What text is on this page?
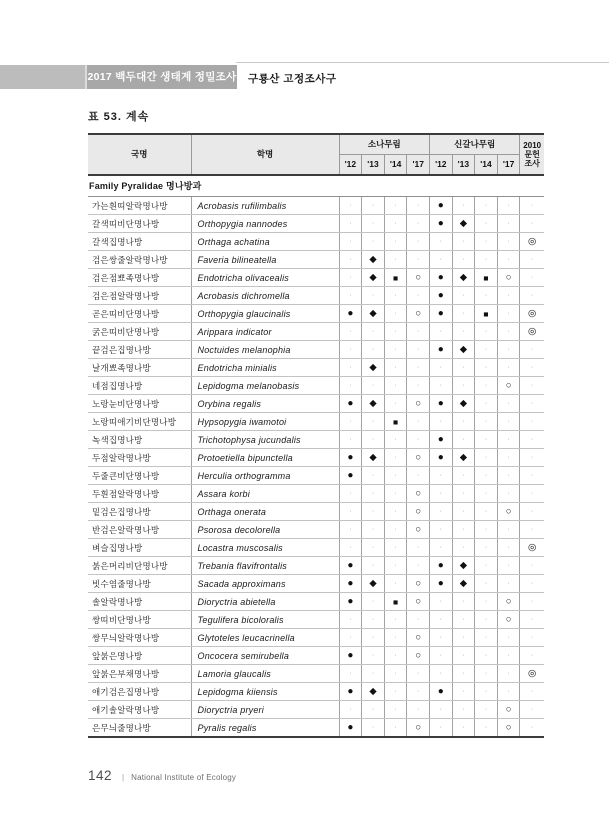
2017 백두대간 생태계 정밀조사 구룡산 고정조사구
표 53. 계속
국명	학명	소나무림				신갈나무림				2010 문헌 조사
		'12	'13	'14	'17	'12	'13	'14	'17	
Family Pyralidae 명나방과										
가는흰띠알락명나방	Acrobasis rufilimbalis	·	·	·	·	●	·	·	·	·
갈색띠비단명나방	Orthopygia nannodes	·	·	·	·	●	◆	·	·	·
갈색집명나방	Orthaga achatina	·	·	·	·	·	·	·	·	◎
검은쌍줄알락명나방	Faveria bilineatella	·	◆	·	·	·	·	·	·	·
검은점뾰족명나방	Endotricha olivacealis	·	◆	■	○	●	◆	■	○	·
검은점알락명나방	Acrobasis dichromella	·	·	·	·	●	·	·	·	·
곧은띠비단명나방	Orthopygia glaucinalis	●	◆	·	○	●	·	■	·	◎
굵은띠비단명나방	Arippara indicator	·	·	·	·	·	·	·	·	◎
끝검은집명나방	Noctuides melanophia	·	·	·	·	●	◆	·	·	·
날개뾰족명나방	Endotricha minialis	·	◆	·	·	·	·	·	·	·
네점집명나방	Lepidogma melanobasis	·	·	·	·	·	·	·	○	·
노랑눈비단명나방	Orybina regalis	●	◆	·	○	●	◆	·	·	·
노랑띠애기비단명나방	Hypsopygia iwamotoi	·	·	■	·	·	·	·	·	·
녹색집명나방	Trichotophysa jucundalis	·	·	·	·	●	·	·	·	·
두점알락명나방	Protoetiella bipunctella	●	◆	·	○	●	◆	·	·	·
두줄큰비단명나방	Herculia orthogramma	●	·	·	·	·	·	·	·	·
두흰점알락명나방	Assara korbi	·	·	·	○	·	·	·	·	·
밑검은집명나방	Orthaga onerata	·	·	·	○	·	·	·	○	·
반검은알락명나방	Psorosa decolorella	·	·	·	○	·	·	·	·	·
벼슬집명나방	Locastra muscosalis	·	·	·	·	·	·	·	·	◎
붉은머리비단명나방	Trebania flavifrontalis	●	·	·	·	●	◆	·	·	·
빗수염줄명나방	Sacada approximans	●	◆	·	○	●	◆	·	·	·
솔알락명나방	Dioryctria abietella	●	·	■	○	·	·	·	○	·
쌍띠비단명나방	Tegulifera bicoloralis	·	·	·	·	·	·	·	○	·
쌍무늬알락명나방	Glytoteles leucacrinella	·	·	·	○	·	·	·	·	·
앞붉은명나방	Oncocera semirubella	●	·	·	○	·	·	·	·	·
앞붉은부채명나방	Lamoria glaucalis	·	·	·	·	·	·	·	·	◎
애기검은집명나방	Lepidogma kiiensis	●	◆	·	·	●	·	·	·	·
애기솔알락명나방	Dioryctria pryeri	·	·	·	·	·	·	·	○	·
은무늬줄명나방	Pyralis regalis	●	·	·	○	·	·	·	○	·
142 | National Institute of Ecology
